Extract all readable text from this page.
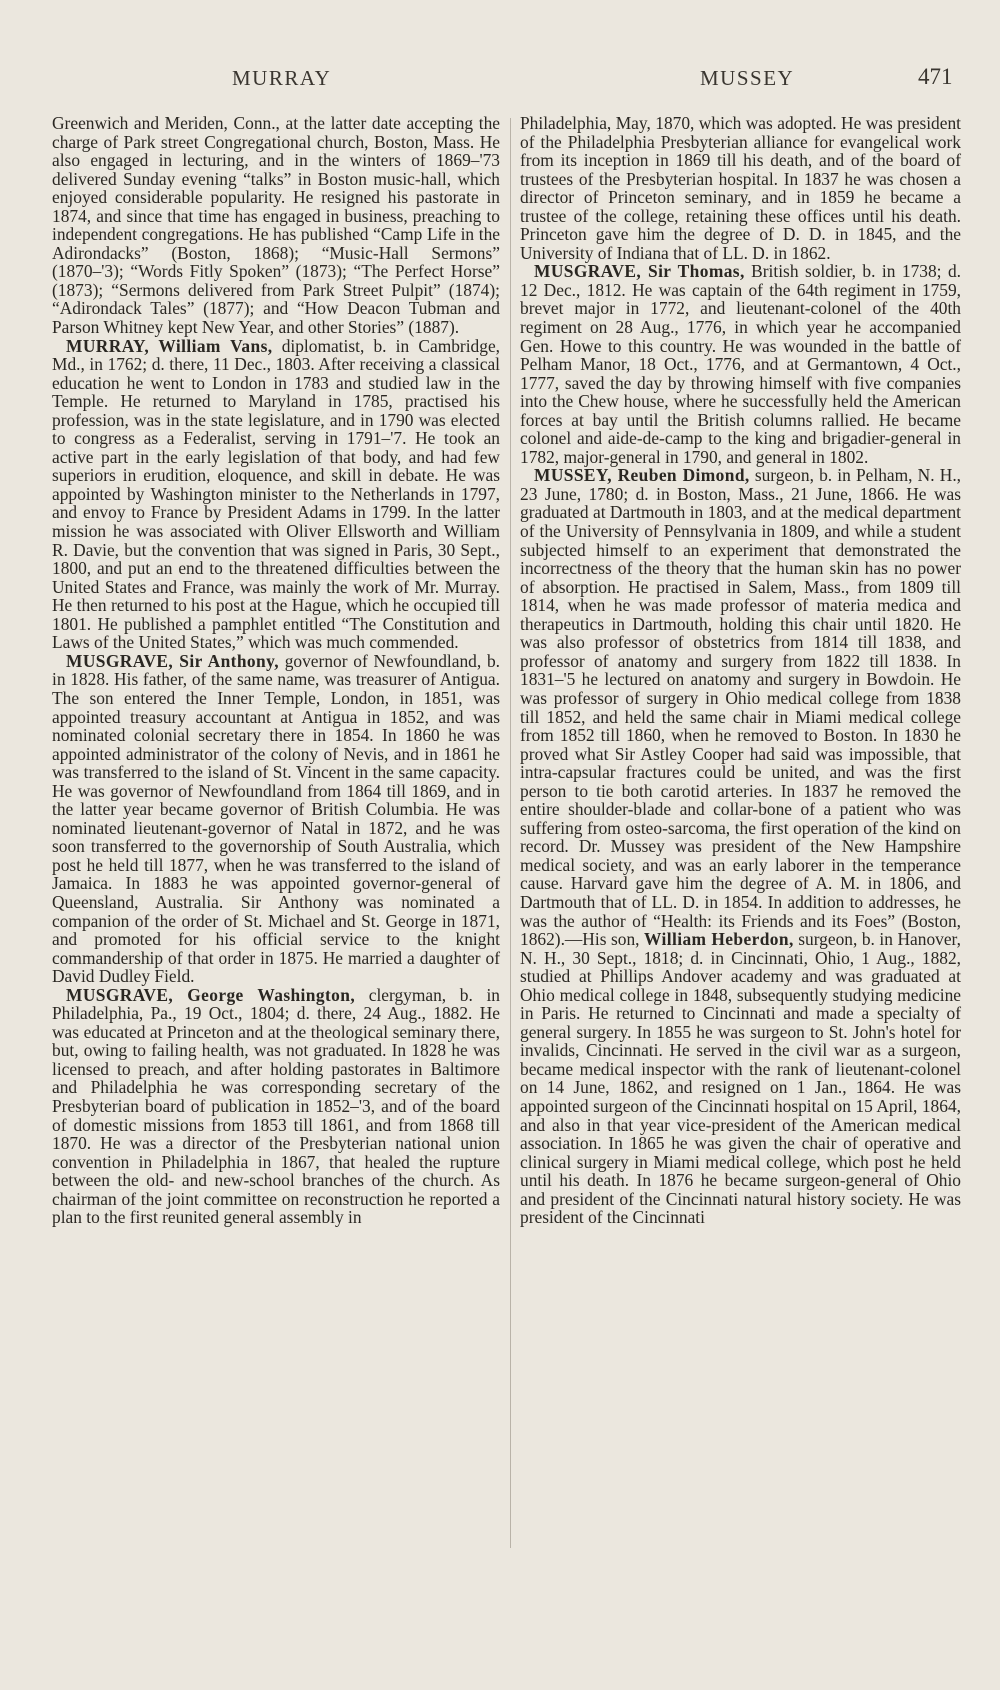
MURRAY	MUSSEY	471

Greenwich and Meriden, Conn., at the latter date accepting the charge of Park street Congregational church, Boston, Mass. He also engaged in lecturing, and in the winters of 1869–'73 delivered Sunday evening “talks” in Boston music-hall, which enjoyed considerable popularity. He resigned his pastorate in 1874, and since that time has engaged in business, preaching to independent congregations. He has published “Camp Life in the Adirondacks” (Boston, 1868); “Music-Hall Sermons” (1870–'3); “Words Fitly Spoken” (1873); “The Perfect Horse” (1873); “Sermons delivered from Park Street Pulpit” (1874); “Adirondack Tales” (1877); and “How Deacon Tubman and Parson Whitney kept New Year, and other Stories” (1887).

MURRAY, William Vans, diplomatist, b. in Cambridge, Md., in 1762; d. there, 11 Dec., 1803. After receiving a classical education he went to London in 1783 and studied law in the Temple. He returned to Maryland in 1785, practised his profession, was in the state legislature, and in 1790 was elected to congress as a Federalist, serving in 1791–'7. He took an active part in the early legislation of that body, and had few superiors in erudition, eloquence, and skill in debate. He was appointed by Washington minister to the Netherlands in 1797, and envoy to France by President Adams in 1799. In the latter mission he was associated with Oliver Ellsworth and William R. Davie, but the convention that was signed in Paris, 30 Sept., 1800, and put an end to the threatened difficulties between the United States and France, was mainly the work of Mr. Murray. He then returned to his post at the Hague, which he occupied till 1801. He published a pamphlet entitled “The Constitution and Laws of the United States,” which was much commended.

MUSGRAVE, Sir Anthony, governor of Newfoundland, b. in 1828. His father, of the same name, was treasurer of Antigua. The son entered the Inner Temple, London, in 1851, was appointed treasury accountant at Antigua in 1852, and was nominated colonial secretary there in 1854. In 1860 he was appointed administrator of the colony of Nevis, and in 1861 he was transferred to the island of St. Vincent in the same capacity. He was governor of Newfoundland from 1864 till 1869, and in the latter year became governor of British Columbia. He was nominated lieutenant-governor of Natal in 1872, and he was soon transferred to the governorship of South Australia, which post he held till 1877, when he was transferred to the island of Jamaica. In 1883 he was appointed governor-general of Queensland, Australia. Sir Anthony was nominated a companion of the order of St. Michael and St. George in 1871, and promoted for his official service to the knight commandership of that order in 1875. He married a daughter of David Dudley Field.

MUSGRAVE, George Washington, clergyman, b. in Philadelphia, Pa., 19 Oct., 1804; d. there, 24 Aug., 1882. He was educated at Princeton and at the theological seminary there, but, owing to failing health, was not graduated. In 1828 he was licensed to preach, and after holding pastorates in Baltimore and Philadelphia he was corresponding secretary of the Presbyterian board of publication in 1852–'3, and of the board of domestic missions from 1853 till 1861, and from 1868 till 1870. He was a director of the Presbyterian national union convention in Philadelphia in 1867, that healed the rupture between the old- and new-school branches of the church. As chairman of the joint committee on reconstruction he reported a plan to the first reunited general assembly in

Philadelphia, May, 1870, which was adopted. He was president of the Philadelphia Presbyterian alliance for evangelical work from its inception in 1869 till his death, and of the board of trustees of the Presbyterian hospital. In 1837 he was chosen a director of Princeton seminary, and in 1859 he became a trustee of the college, retaining these offices until his death. Princeton gave him the degree of D. D. in 1845, and the University of Indiana that of LL. D. in 1862.

MUSGRAVE, Sir Thomas, British soldier, b. in 1738; d. 12 Dec., 1812. He was captain of the 64th regiment in 1759, brevet major in 1772, and lieutenant-colonel of the 40th regiment on 28 Aug., 1776, in which year he accompanied Gen. Howe to this country. He was wounded in the battle of Pelham Manor, 18 Oct., 1776, and at Germantown, 4 Oct., 1777, saved the day by throwing himself with five companies into the Chew house, where he successfully held the American forces at bay until the British columns rallied. He became colonel and aide-de-camp to the king and brigadier-general in 1782, major-general in 1790, and general in 1802.

MUSSEY, Reuben Dimond, surgeon, b. in Pelham, N. H., 23 June, 1780; d. in Boston, Mass., 21 June, 1866. He was graduated at Dartmouth in 1803, and at the medical department of the University of Pennsylvania in 1809, and while a student subjected himself to an experiment that demonstrated the incorrectness of the theory that the human skin has no power of absorption. He practised in Salem, Mass., from 1809 till 1814, when he was made professor of materia medica and therapeutics in Dartmouth, holding this chair until 1820. He was also professor of obstetrics from 1814 till 1838, and professor of anatomy and surgery from 1822 till 1838. In 1831–'5 he lectured on anatomy and surgery in Bowdoin. He was professor of surgery in Ohio medical college from 1838 till 1852, and held the same chair in Miami medical college from 1852 till 1860, when he removed to Boston. In 1830 he proved what Sir Astley Cooper had said was impossible, that intra-capsular fractures could be united, and was the first person to tie both carotid arteries. In 1837 he removed the entire shoulder-blade and collar-bone of a patient who was suffering from osteo-sarcoma, the first operation of the kind on record. Dr. Mussey was president of the New Hampshire medical society, and was an early laborer in the temperance cause. Harvard gave him the degree of A. M. in 1806, and Dartmouth that of LL. D. in 1854. In addition to addresses, he was the author of “Health: its Friends and its Foes” (Boston, 1862).—His son, William Heberdon, surgeon, b. in Hanover, N. H., 30 Sept., 1818; d. in Cincinnati, Ohio, 1 Aug., 1882, studied at Phillips Andover academy and was graduated at Ohio medical college in 1848, subsequently studying medicine in Paris. He returned to Cincinnati and made a specialty of general surgery. In 1855 he was surgeon to St. John's hotel for invalids, Cincinnati. He served in the civil war as a surgeon, became medical inspector with the rank of lieutenant-colonel on 14 June, 1862, and resigned on 1 Jan., 1864. He was appointed surgeon of the Cincinnati hospital on 15 April, 1864, and also in that year vice-president of the American medical association. In 1865 he was given the chair of operative and clinical surgery in Miami medical college, which post he held until his death. In 1876 he became surgeon-general of Ohio and president of the Cincinnati natural history society. He was president of the Cincinnati
